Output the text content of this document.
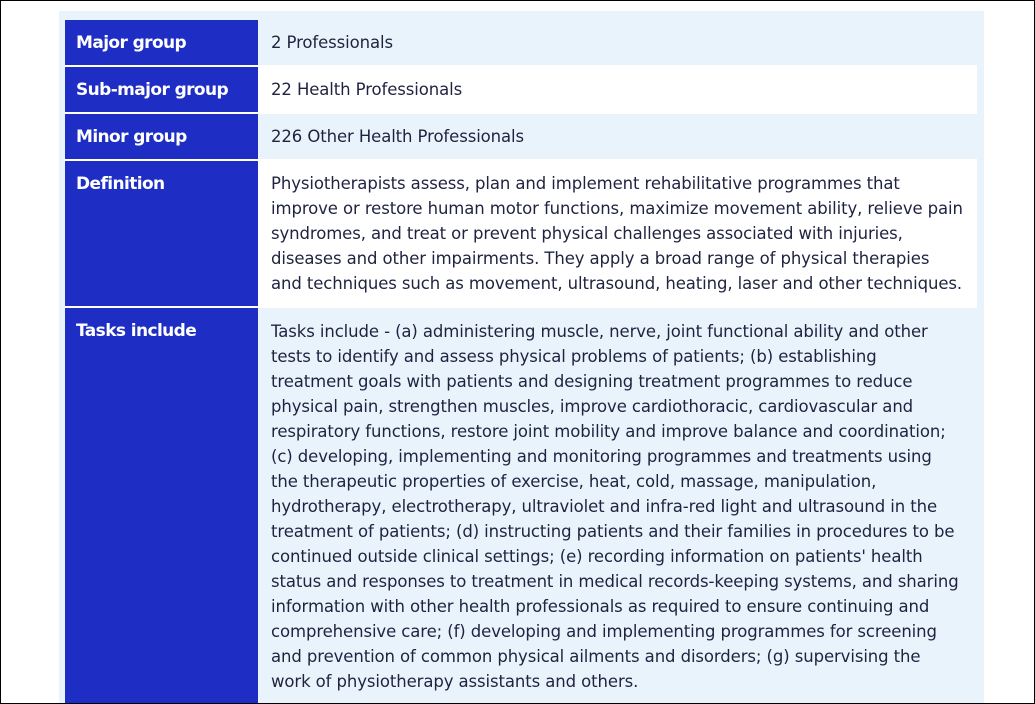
Major group	2 Professionals
Sub-major group	22 Health Professionals
Minor group	226 Other Health Professionals
Definition	Physiotherapists assess, plan and implement rehabilitative programmes that improve or restore human motor functions, maximize movement ability, relieve pain syndromes, and treat or prevent physical challenges associated with injuries, diseases and other impairments. They apply a broad range of physical therapies and techniques such as movement, ultrasound, heating, laser and other techniques.
Tasks include	Tasks include - (a) administering muscle, nerve, joint functional ability and other tests to identify and assess physical problems of patients; (b) establishing treatment goals with patients and designing treatment programmes to reduce physical pain, strengthen muscles, improve cardiothoracic, cardiovascular and respiratory functions, restore joint mobility and improve balance and coordination; (c) developing, implementing and monitoring programmes and treatments using the therapeutic properties of exercise, heat, cold, massage, manipulation, hydrotherapy, electrotherapy, ultraviolet and infra-red light and ultrasound in the treatment of patients; (d) instructing patients and their families in procedures to be continued outside clinical settings; (e) recording information on patients' health status and responses to treatment in medical records-keeping systems, and sharing information with other health professionals as required to ensure continuing and comprehensive care; (f) developing and implementing programmes for screening and prevention of common physical ailments and disorders; (g) supervising the work of physiotherapy assistants and others.
